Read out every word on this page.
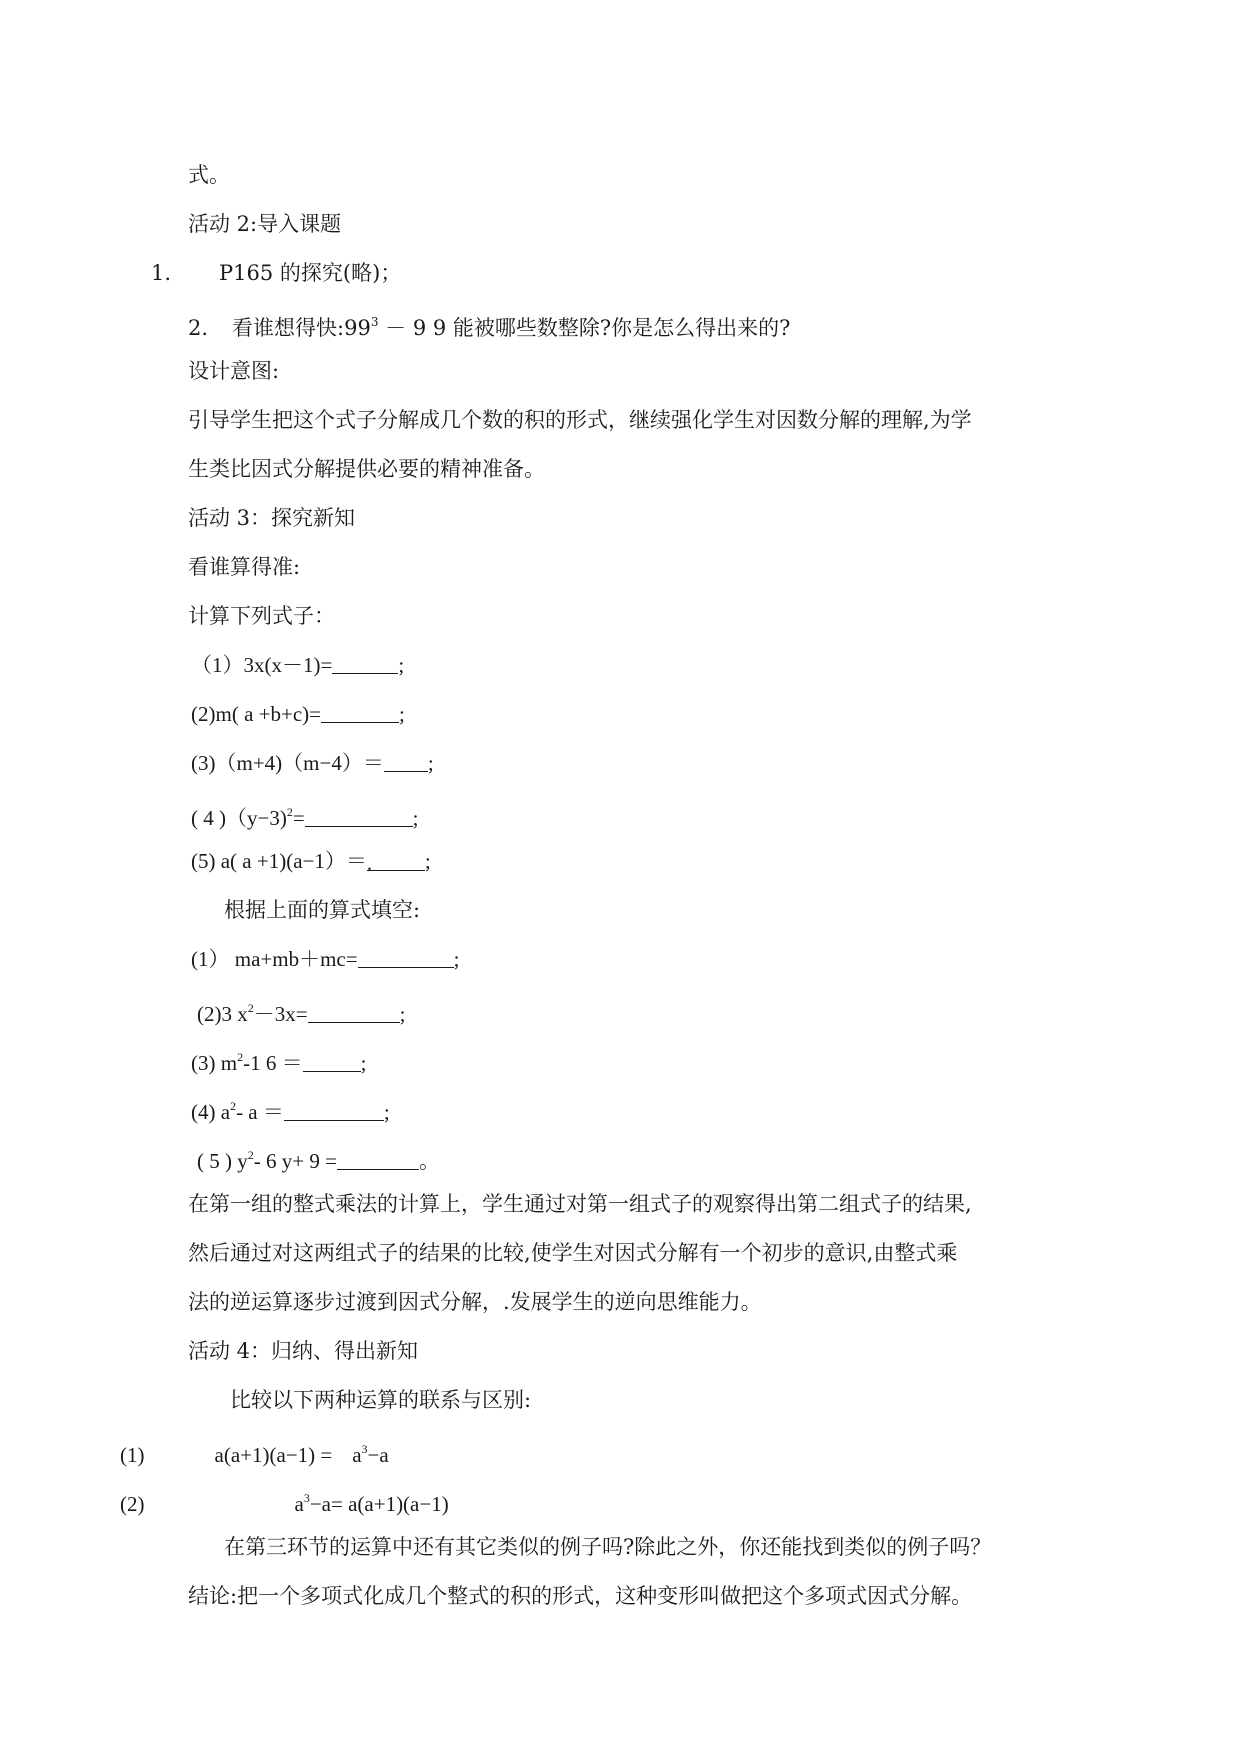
式。
活动 2:导入课题
1. P165 的探究(略)；
2. 看谁想得快$:99^3 - 9$ 9 能被哪些数整除?你是怎么得出来的?
设计意图:
引导学生把这个式子分解成几个数的积的形式，继续强化学生对因数分解的理解,为学
生类比因式分解提供必要的精神准备。
活动 3：探究新知
看谁算得准:
计算下列式子：
（1）3x(x－1)=	;
(2)m( a +b+c)=	;
(3)（m+4)（m−4）＝ ;
( 4 )（y−3)$^2$=	;
(5) a( a +1)(a−1）＝.	;
根据上面的算式填空:
(1） ma+mb＋mc=	;
(2)3 $x^2-3x=$	;
(3) $m^2-1$ 6 ＝	;
(4) $a^2-$ a ＝	;
( 5 ) $y^2-$ 6 y+ 9 =	。
在第一组的整式乘法的计算上，学生通过对第一组式子的观察得出第二组式子的结果,
然后通过对这两组式子的结果的比较,使学生对因式分解有一个初步的意识,由整式乘
法的逆运算逐步过渡到因式分解，.发展学生的逆向思维能力。
活动 4：归纳、得出新知
比较以下两种运算的联系与区别:
(1)	$a(a+1)(a-1) = a^3-a$
(2)	$a^3-a= a(a+1)(a-1)$
在第三环节的运算中还有其它类似的例子吗?除此之外，你还能找到类似的例子吗？
结论:把一个多项式化成几个整式的积的形式，这种变形叫做把这个多项式因式分解。
